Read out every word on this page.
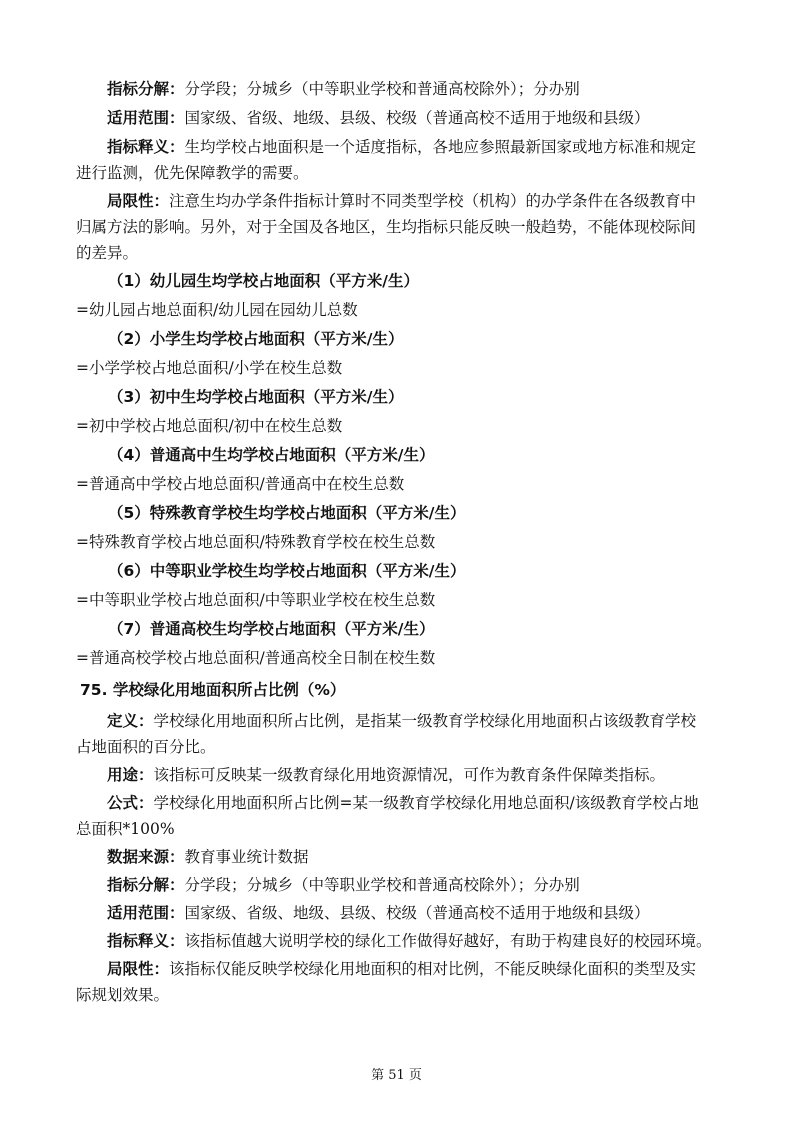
指标分解：分学段；分城乡（中等职业学校和普通高校除外）；分办别
适用范围：国家级、省级、地级、县级、校级（普通高校不适用于地级和县级）
指标释义：生均学校占地面积是一个适度指标，各地应参照最新国家或地方标准和规定
进行监测，优先保障教学的需要。
局限性：注意生均办学条件指标计算时不同类型学校（机构）的办学条件在各级教育中
归属方法的影响。另外，对于全国及各地区，生均指标只能反映一般趋势，不能体现校际间
的差异。
（1）幼儿园生均学校占地面积（平方米/生）
=幼儿园占地总面积/幼儿园在园幼儿总数
（2）小学生均学校占地面积（平方米/生）
=小学学校占地总面积/小学在校生总数
（3）初中生均学校占地面积（平方米/生）
=初中学校占地总面积/初中在校生总数
（4）普通高中生均学校占地面积（平方米/生）
=普通高中学校占地总面积/普通高中在校生总数
（5）特殊教育学校生均学校占地面积（平方米/生）
=特殊教育学校占地总面积/特殊教育学校在校生总数
（6）中等职业学校生均学校占地面积（平方米/生）
=中等职业学校占地总面积/中等职业学校在校生总数
（7）普通高校生均学校占地面积（平方米/生）
=普通高校学校占地总面积/普通高校全日制在校生数
75. 学校绿化用地面积所占比例（%）
定义：学校绿化用地面积所占比例，是指某一级教育学校绿化用地面积占该级教育学校
占地面积的百分比。
用途：该指标可反映某一级教育绿化用地资源情况，可作为教育条件保障类指标。
公式：学校绿化用地面积所占比例=某一级教育学校绿化用地总面积/该级教育学校占地
总面积*100%
数据来源：教育事业统计数据
指标分解：分学段；分城乡（中等职业学校和普通高校除外）；分办别
适用范围：国家级、省级、地级、县级、校级（普通高校不适用于地级和县级）
指标释义：该指标值越大说明学校的绿化工作做得好越好，有助于构建良好的校园环境。
局限性：该指标仅能反映学校绿化用地面积的相对比例，不能反映绿化面积的类型及实
际规划效果。
第 51 页
